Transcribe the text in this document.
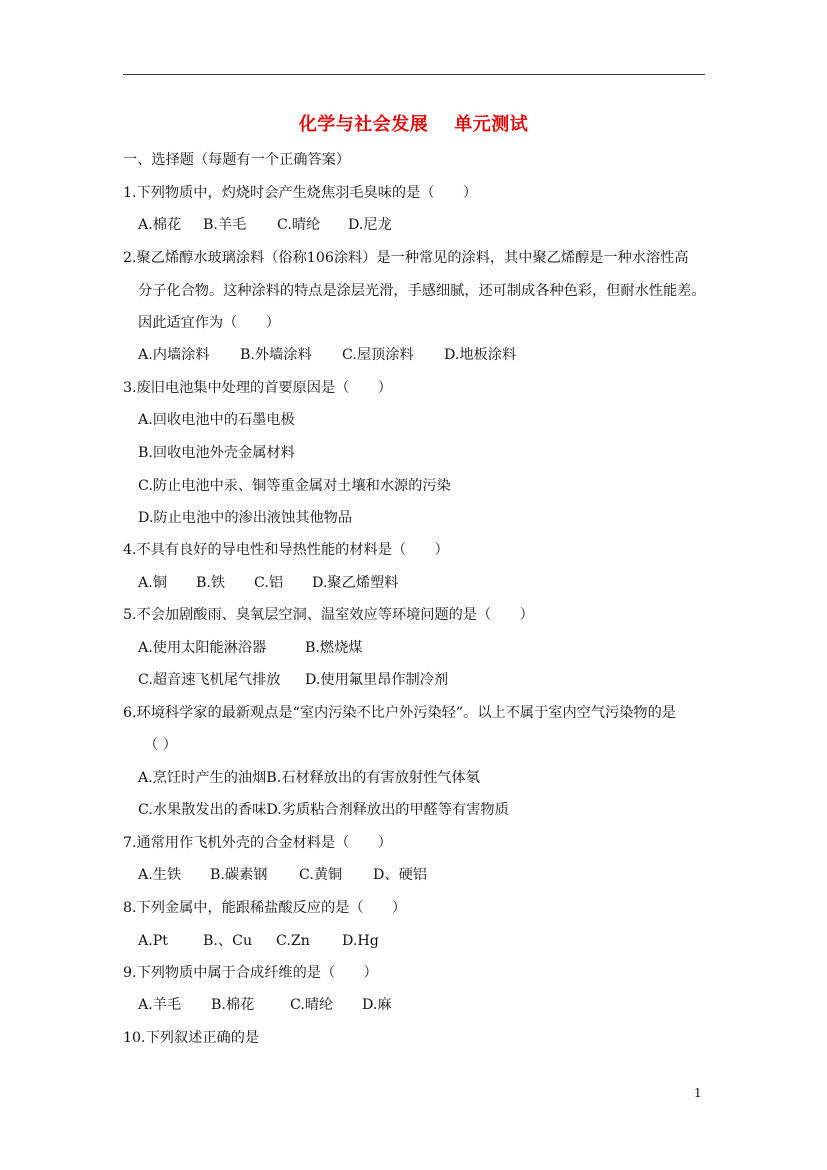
化学与社会发展 单元测试
一、选择题（每题有一个正确答案）
1.下列物质中，灼烧时会产生烧焦羽毛臭味的是（　　）
A.棉花 B.羊毛 C.晴纶 D.尼龙
2.聚乙烯醇水玻璃涂料（俗称106涂料）是一种常见的涂料，其中聚乙烯醇是一种水溶性高
分子化合物。这种涂料的特点是涂层光滑，手感细腻，还可制成各种色彩，但耐水性能差。
因此适宜作为（　　）
A.内墙涂料 B.外墙涂料 C.屋顶涂料 D.地板涂料
3.废旧电池集中处理的首要原因是（　　）
A.回收电池中的石墨电极
B.回收电池外壳金属材料
C.防止电池中汞、铜等重金属对土壤和水源的污染
D.防止电池中的渗出液蚀其他物品
4.不具有良好的导电性和导热性能的材料是（　　）
A.铜 B.铁 C.铝 D.聚乙烯塑料
5.不会加剧酸雨、臭氧层空洞、温室效应等环境问题的是（　　）
A.使用太阳能淋浴器	B.燃烧煤
C.超音速飞机尾气排放 D.使用氟里昂作制冷剂
6.环境科学家的最新观点是“室内污染不比户外污染轻”。以上不属于室内空气污染物的是
（ ）
A.烹饪时产生的油烟B.石材释放出的有害放射性气体氡
C.水果散发出的香味D.劣质粘合剂释放出的甲醛等有害物质
7.通常用作飞机外壳的合金材料是（　　）
A.生铁 B.碳素钢 C.黄铜 D、硬铝
8.下列金属中，能跟稀盐酸反应的是（　　）
A.Pt B.、Cu C.Zn D.Hg
9.下列物质中属于合成纤维的是（　　）
A.羊毛 B.棉花	C.晴纶 D.麻
10.下列叙述正确的是
1
